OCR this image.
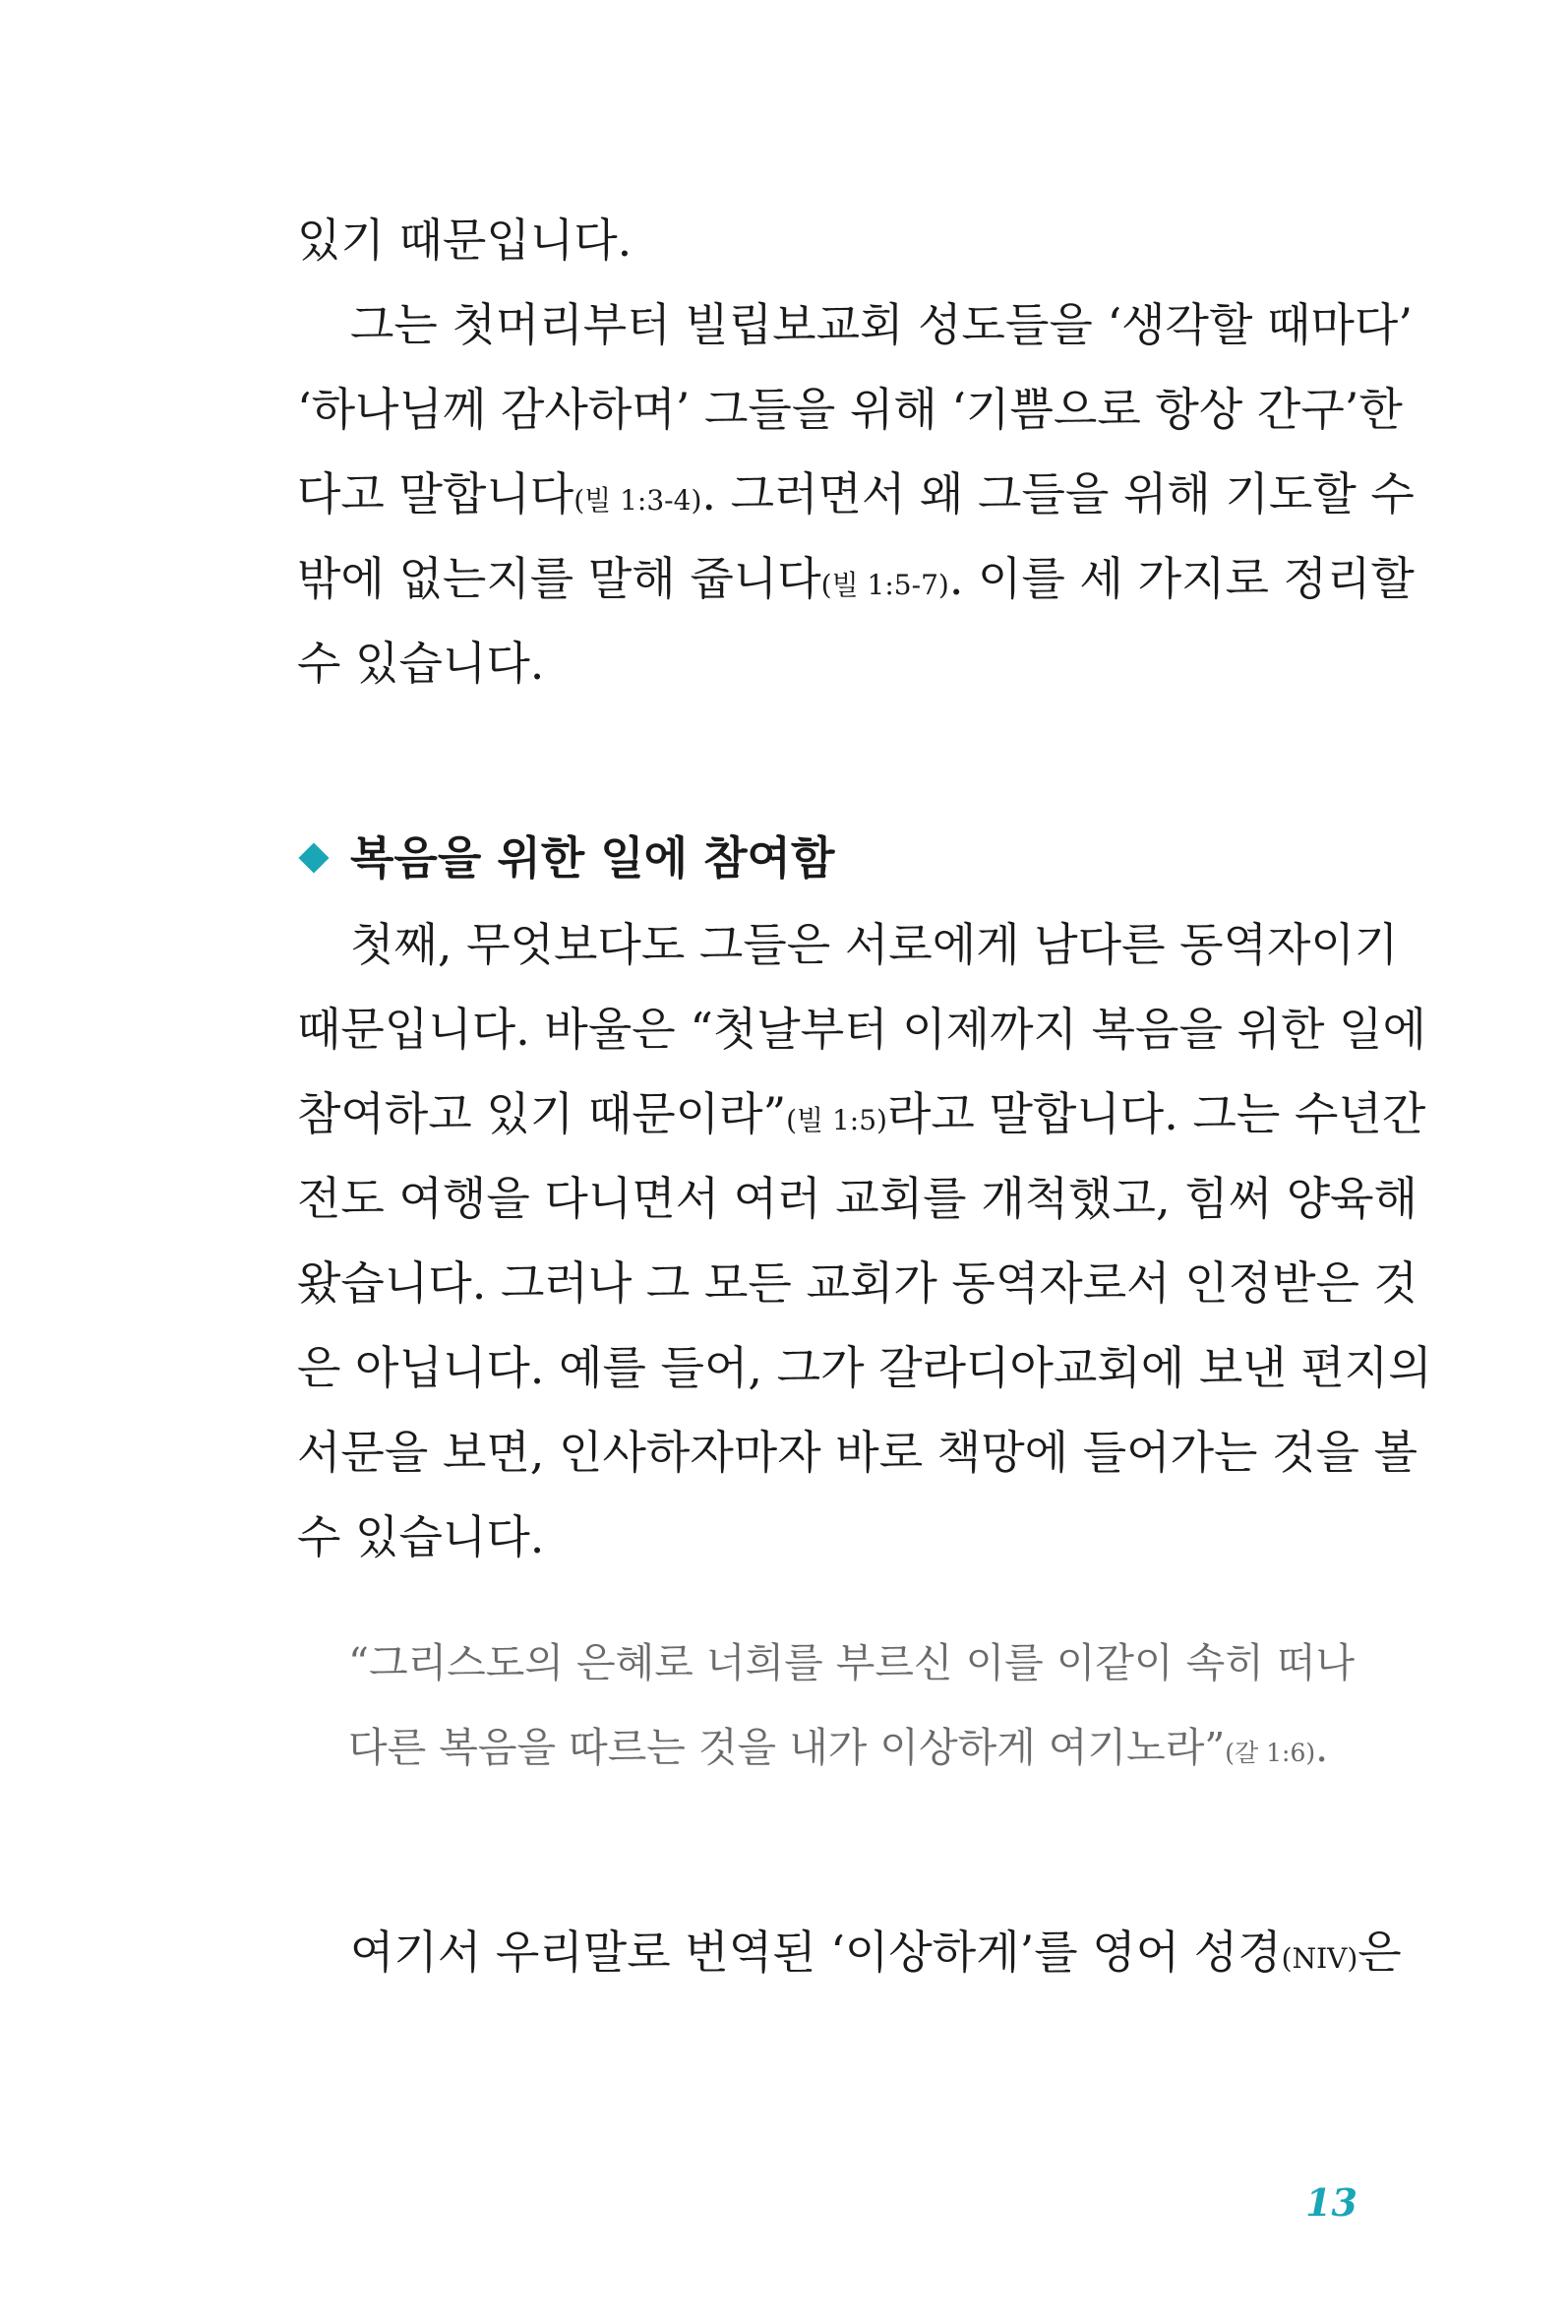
있기 때문입니다.
그는 첫머리부터 빌립보교회 성도들을 ‘생각할 때마다’
‘하나님께 감사하며’ 그들을 위해 ‘기쁨으로 항상 간구’한
다고 말합니다(빌 1:3-4). 그러면서 왜 그들을 위해 기도할 수
밖에 없는지를 말해 줍니다(빌 1:5-7). 이를 세 가지로 정리할
수 있습니다.
복음을 위한 일에 참여함
첫째, 무엇보다도 그들은 서로에게 남다른 동역자이기
때문입니다. 바울은 “첫날부터 이제까지 복음을 위한 일에
참여하고 있기 때문이라”(빌 1:5)라고 말합니다. 그는 수년간
전도 여행을 다니면서 여러 교회를 개척했고, 힘써 양육해
왔습니다. 그러나 그 모든 교회가 동역자로서 인정받은 것
은 아닙니다. 예를 들어, 그가 갈라디아교회에 보낸 편지의
서문을 보면, 인사하자마자 바로 책망에 들어가는 것을 볼
수 있습니다.
“그리스도의 은혜로 너희를 부르신 이를 이같이 속히 떠나
다른 복음을 따르는 것을 내가 이상하게 여기노라”(갈 1:6).
여기서 우리말로 번역된 ‘이상하게’를 영어 성경(NIV)은
13
